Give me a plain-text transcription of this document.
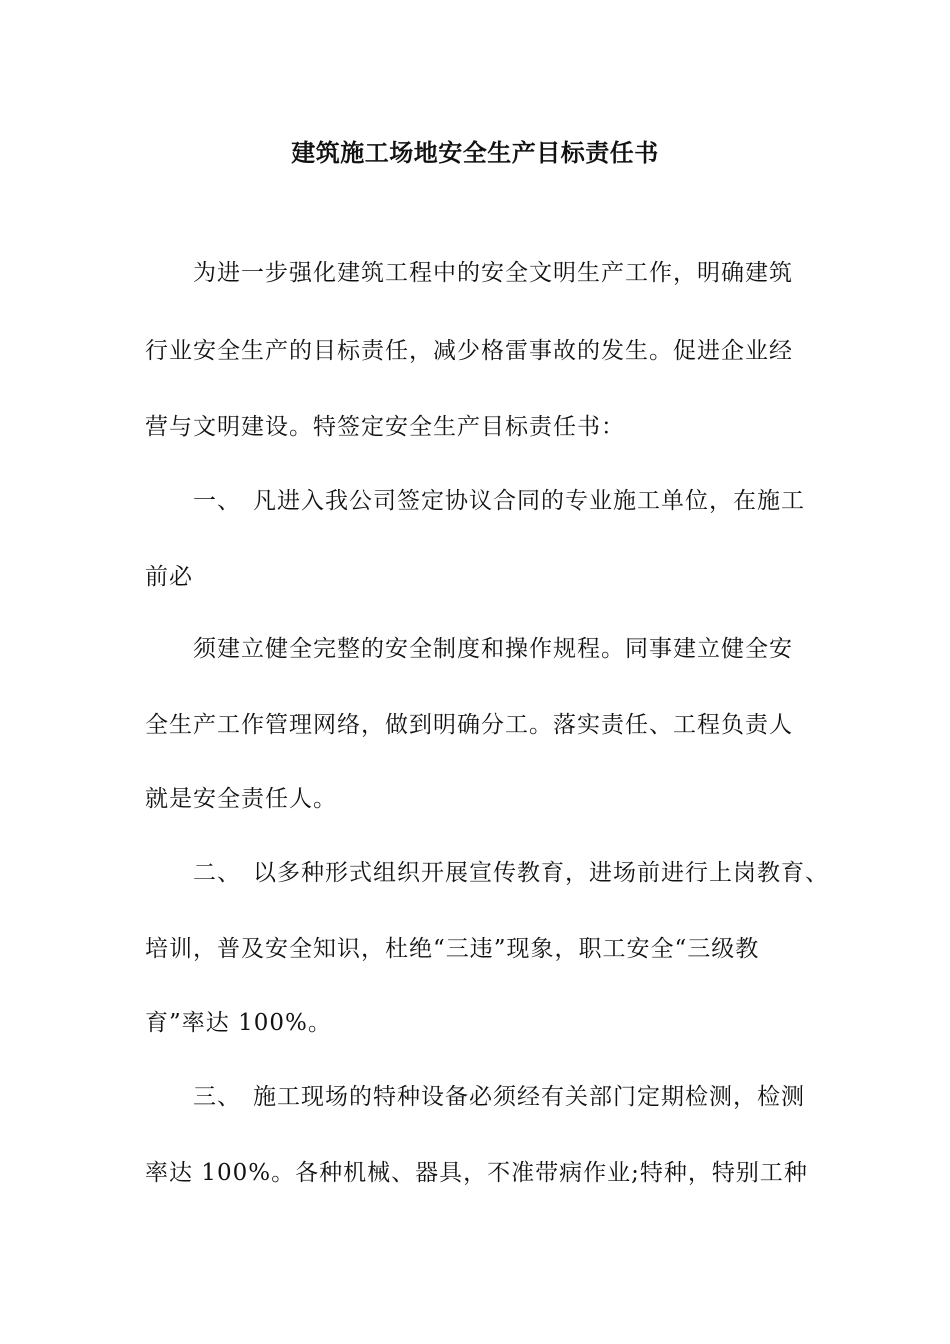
建筑施工场地安全生产目标责任书
为进一步强化建筑工程中的安全文明生产工作，明确建筑
行业安全生产的目标责任，减少格雷事故的发生。促进企业经
营与文明建设。特签定安全生产目标责任书：
一、 凡进入我公司签定协议合同的专业施工单位，在施工
前必
须建立健全完整的安全制度和操作规程。同事建立健全安
全生产工作管理网络，做到明确分工。落实责任、工程负责人
就是安全责任人。
二、 以多种形式组织开展宣传教育，进场前进行上岗教育、
培训，普及安全知识，杜绝“三违”现象，职工安全“三级教
育”率达 100%。
三、 施工现场的特种设备必须经有关部门定期检测，检测
率达 100%。各种机械、器具，不准带病作业;特种，特别工种
